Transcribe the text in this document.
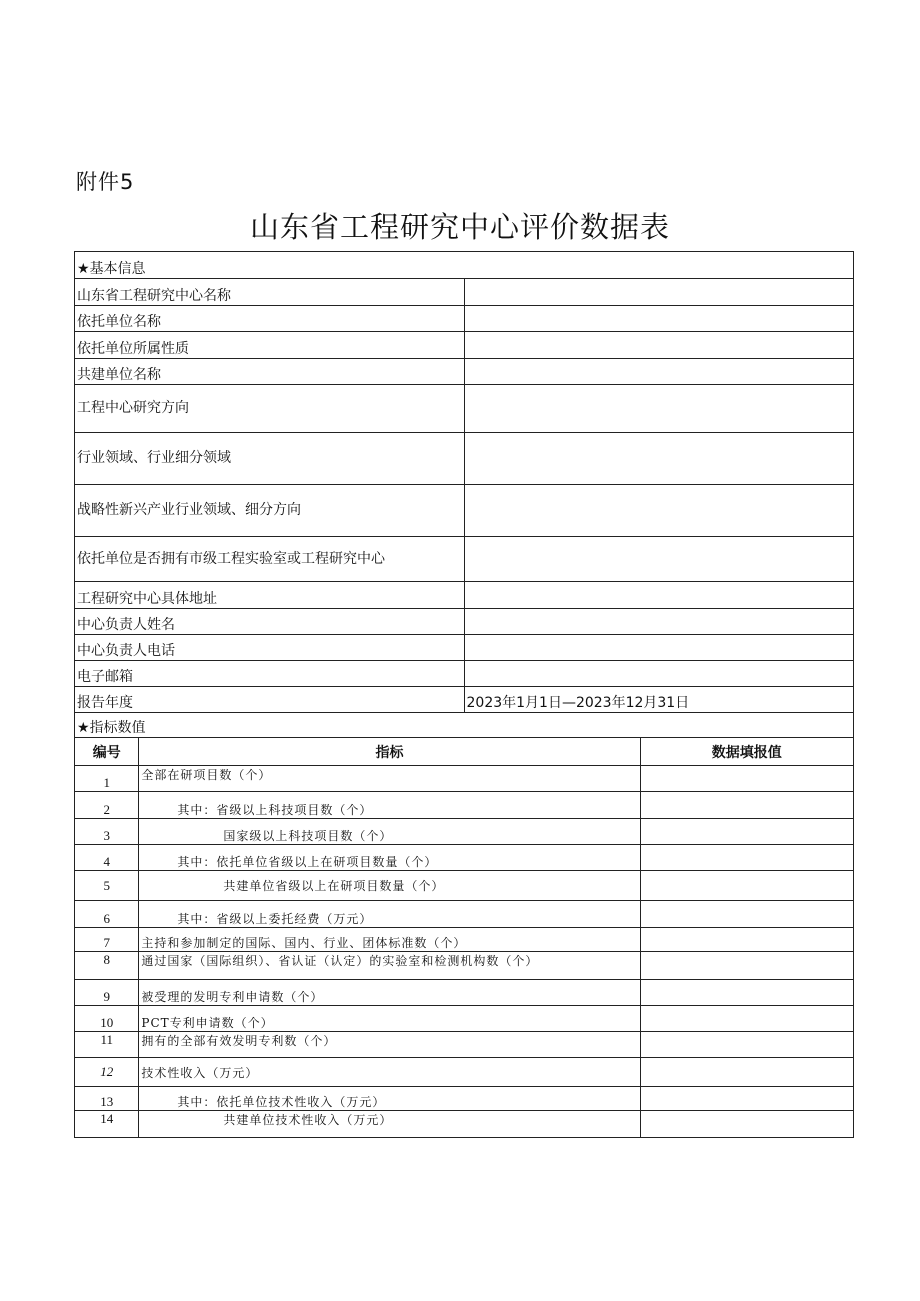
附件5
山东省工程研究中心评价数据表
★基本信息	
山东省工程研究中心名称	
依托单位名称	
依托单位所属性质	
共建单位名称	
工程中心研究方向	
行业领域、行业细分领域	
战略性新兴产业行业领域、细分方向	
依托单位是否拥有市级工程实验室或工程研究中心	
工程研究中心具体地址	
中心负责人姓名	
中心负责人电话	
电子邮箱	
报告年度	2023年1月1日—2023年12月31日
★指标数值	
编号	指标	数据填报值
1	全部在研项目数（个）	
2	其中：省级以上科技项目数（个）	
3	国家级以上科技项目数（个）	
4	其中：依托单位省级以上在研项目数量（个）	
5	共建单位省级以上在研项目数量（个）	
6	其中：省级以上委托经费（万元）	
7	主持和参加制定的国际、国内、行业、团体标准数（个）	
8	通过国家（国际组织）、省认证（认定）的实验室和检测机构数（个）	
9	被受理的发明专利申请数（个）	
10	PCT专利申请数（个）	
11	拥有的全部有效发明专利数（个）	
12	技术性收入（万元）	
13	其中：依托单位技术性收入（万元）	
14	共建单位技术性收入（万元）	
